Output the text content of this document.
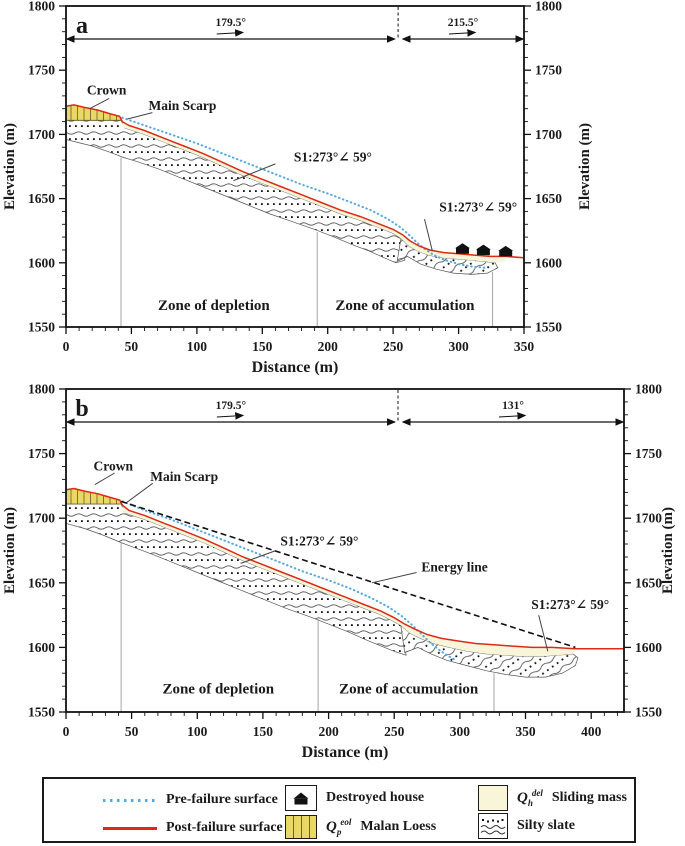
Zone of depletion	Zone of accumulation
0	50	100	150	200	250	300	350
1550	1550
1600	1600
1650	1650
1700	1700
1750	1750
1800	1800
Distance (m)
Elevation (m)	Elevation (m)
a
Crown
Main Scarp
S1:273°∠ 59°
S1:273°∠ 59°
179.5°	215.5°
Zone of depletion	Zone of accumulation
0	50	100	150	200	250	300	350	400
1550	1550
1600	1600
1650	1650
1700	1700
1750	1750
1800	1800
Distance (m)
Elevation (m)	Elevation (m)
b
Crown
Main Scarp
S1:273°∠ 59°
Energy line
S1:273°∠ 59°
179.5°	131°
Pre-failure surface
Post-failure surface
Destroyed house
$Q_p^{eol}$ Malan Loess
$Q_h^{del}$ Sliding mass
Silty slate
